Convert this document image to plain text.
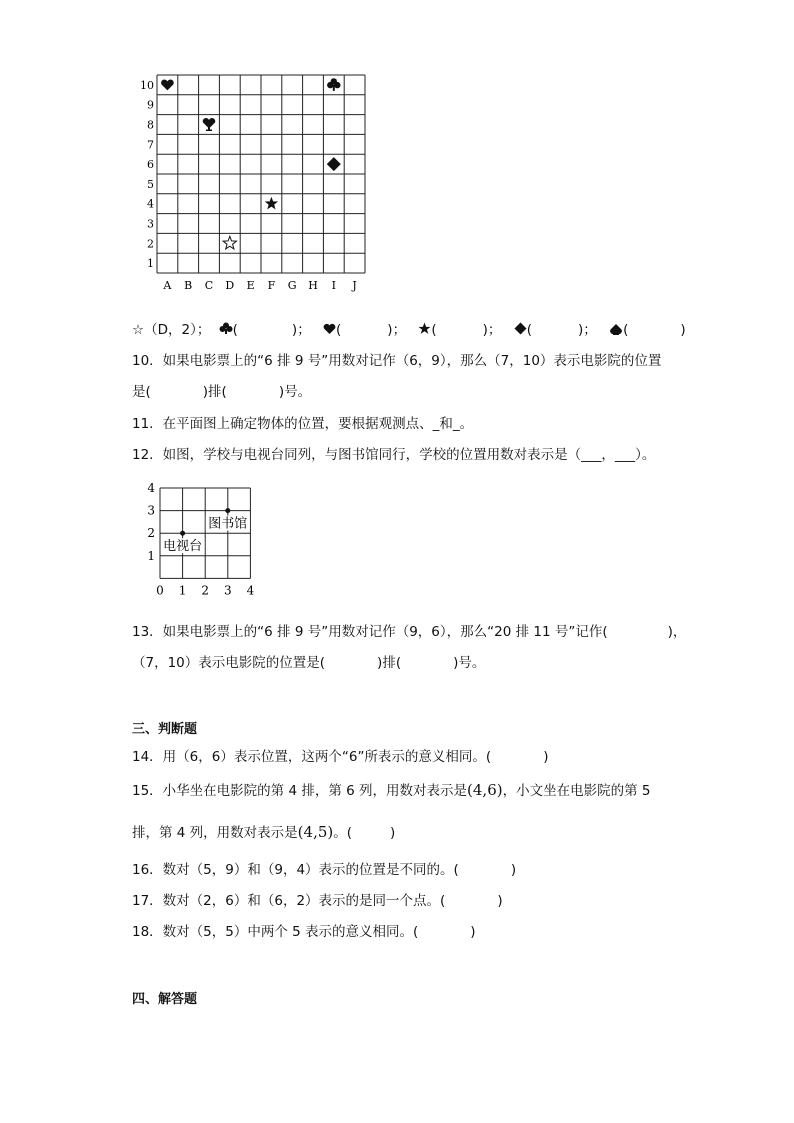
10
9
8
7
6
5
4
3
2
1
A B C D E F G H I J
☆（D，2）； (	)； (	)； (	)； (	)； (	)
10．如果电影票上的“6 排 9 号”用数对记作（6，9），那么（7，10）表示电影院的位置
是(	)排(	)号。
11．在平面图上确定物体的位置，要根据观测点、_和_。
12．如图，学校与电视台同列，与图书馆同行，学校的位置用数对表示是（___，___）。
4
3
2
1
0 1 2 3 4
图书馆
电视台
13．如果电影票上的“6 排 9 号”用数对记作（9，6），那么“20 排 11 号”记作(	)，
（7，10）表示电影院的位置是(	)排(	)号。
三、判断题
14．用（6，6）表示位置，这两个“6”所表示的意义相同。(	)
15．小华坐在电影院的第 4 排，第 6 列，用数对表示是(4,6)，小文坐在电影院的第 5
排，第 4 列，用数对表示是(4,5)。(	)
16．数对（5，9）和（9，4）表示的位置是不同的。(	)
17．数对（2，6）和（6，2）表示的是同一个点。(	)
18．数对（5，5）中两个 5 表示的意义相同。(	)
四、解答题
